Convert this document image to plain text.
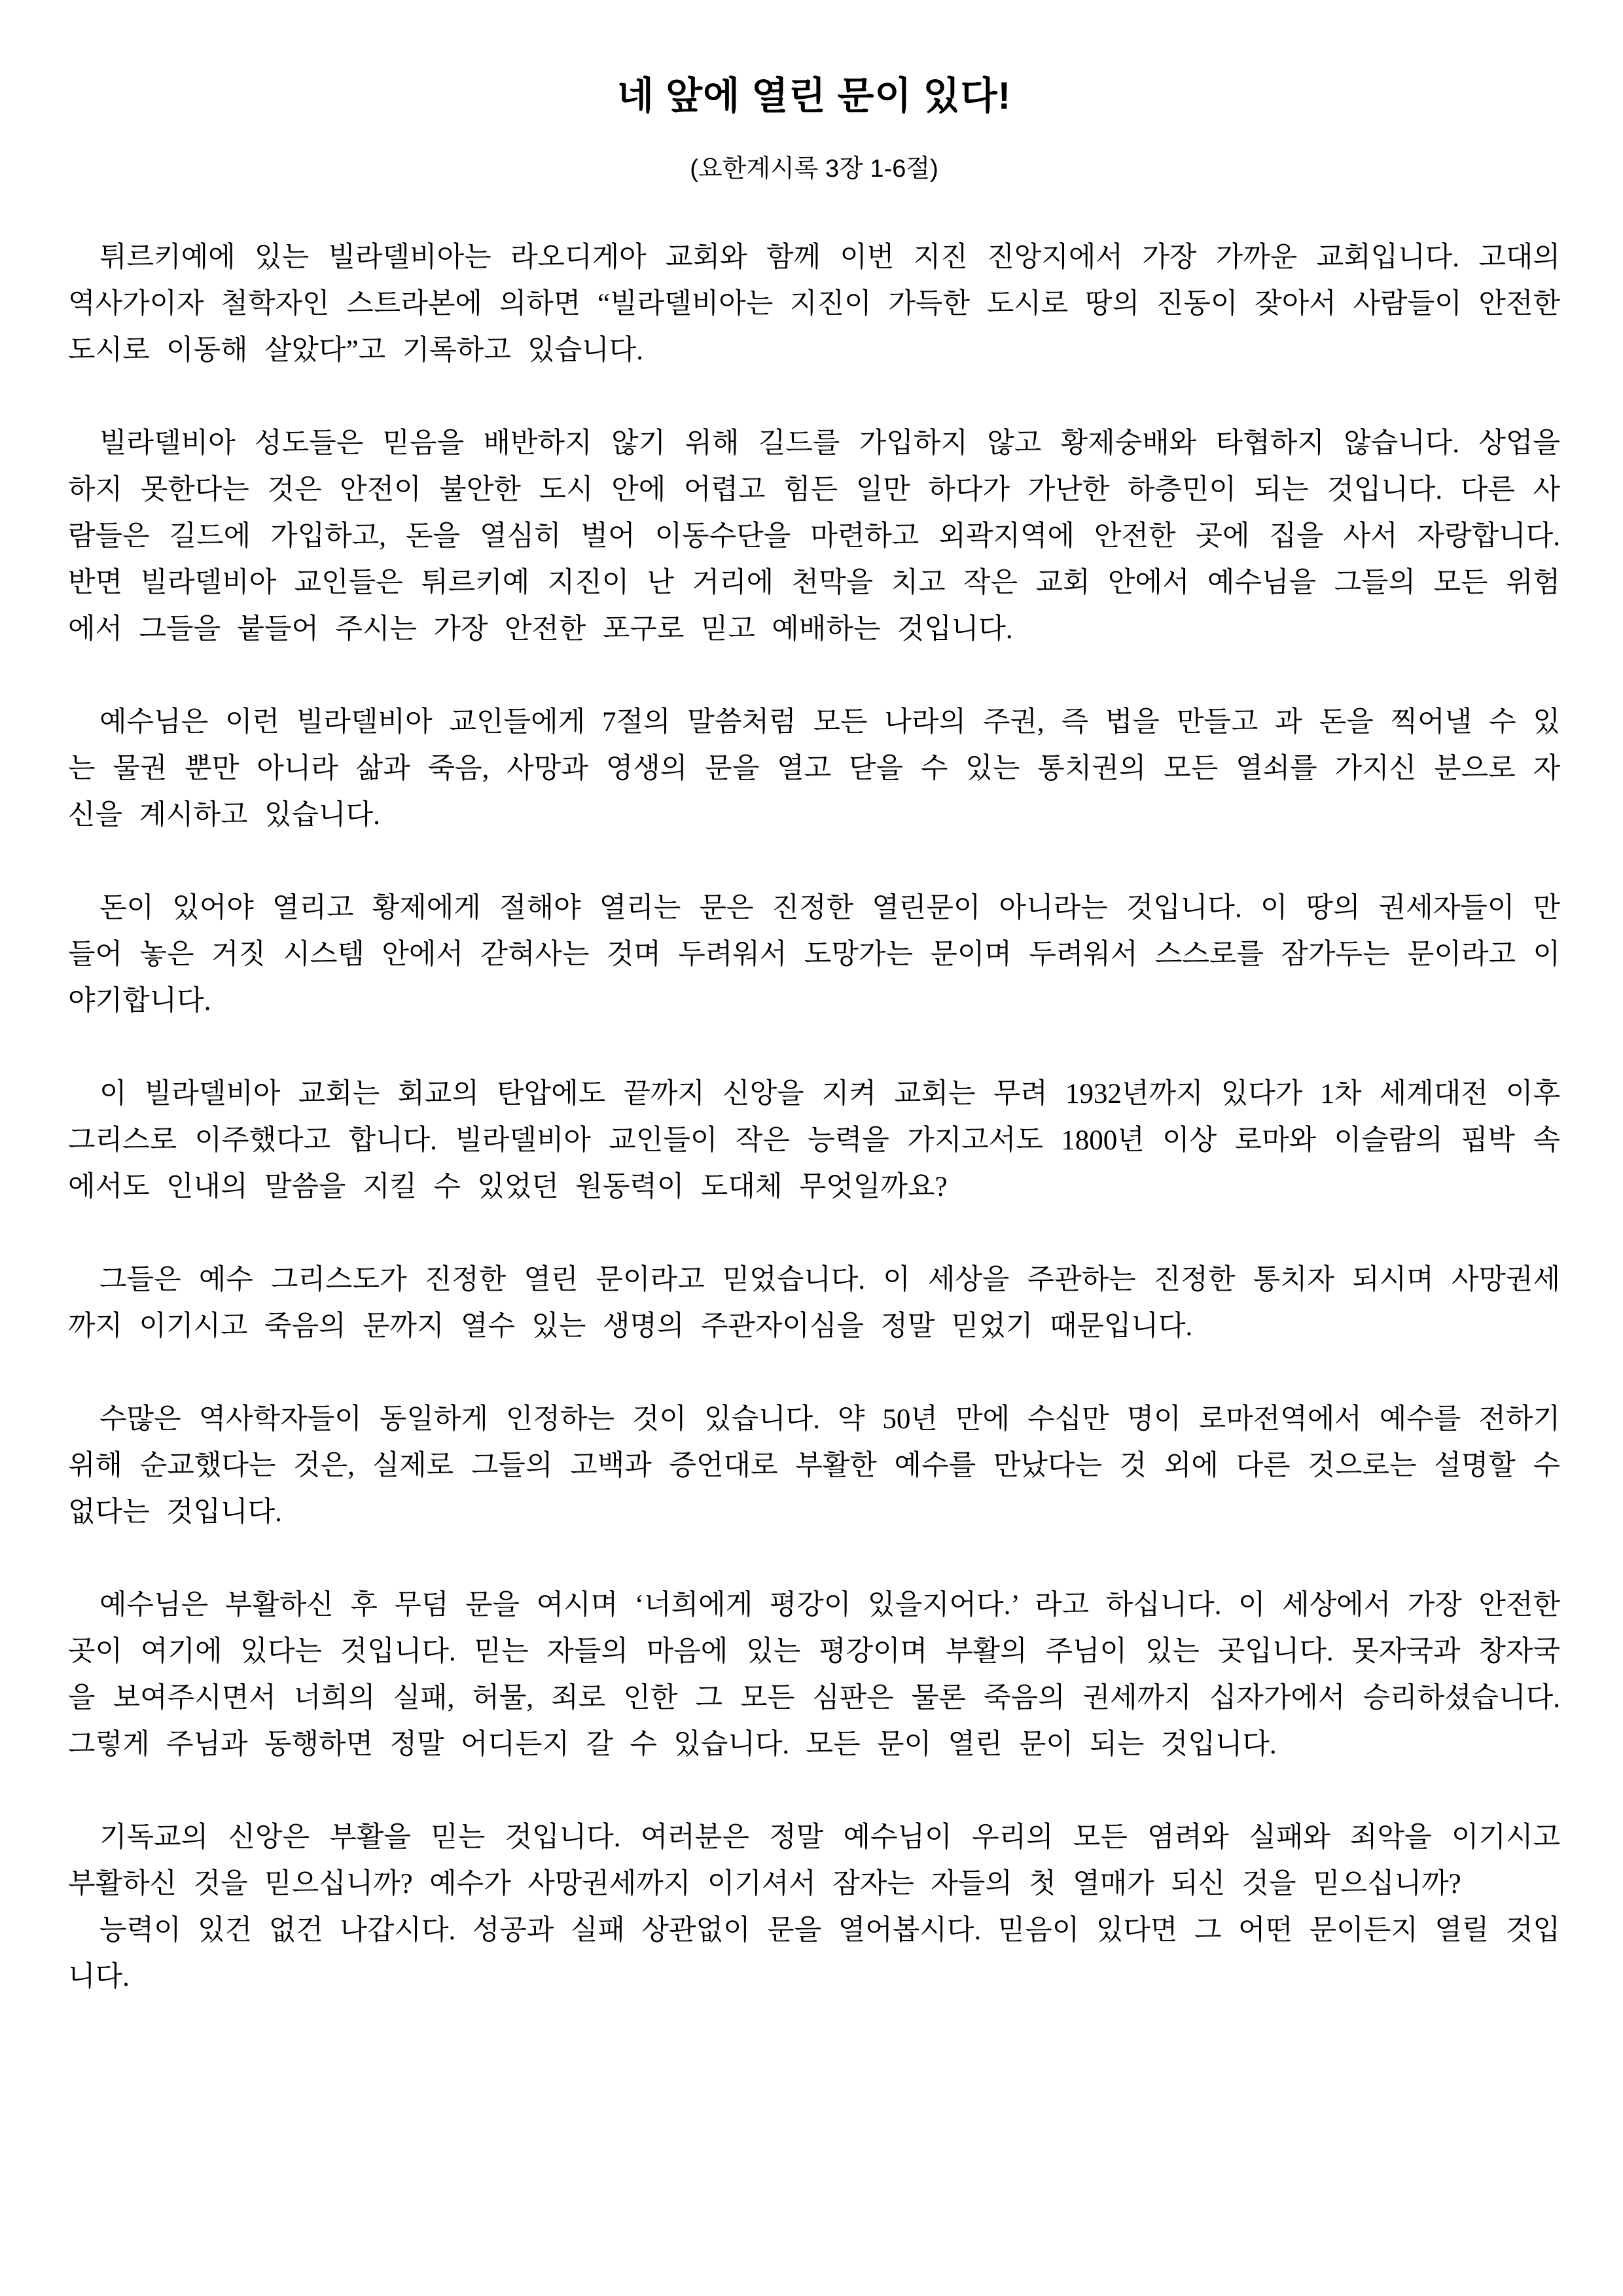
네 앞에 열린 문이 있다!
(요한계시록 3장 1-6절)

튀르키예에 있는 빌라델비아는 라오디게아 교회와 함께 이번 지진 진앙지에서 가장 가까운 교회입니다. 고대의 역사가이자 철학자인 스트라본에 의하면 “빌라델비아는 지진이 가득한 도시로 땅의 진동이 잦아서 사람들이 안전한 도시로 이동해 살았다”고 기록하고 있습니다.

빌라델비아 성도들은 믿음을 배반하지 않기 위해 길드를 가입하지 않고 황제숭배와 타협하지 않습니다. 상업을 하지 못한다는 것은 안전이 불안한 도시 안에 어렵고 힘든 일만 하다가 가난한 하층민이 되는 것입니다. 다른 사람들은 길드에 가입하고, 돈을 열심히 벌어 이동수단을 마련하고 외곽지역에 안전한 곳에 집을 사서 자랑합니다. 반면 빌라델비아 교인들은 튀르키예 지진이 난 거리에 천막을 치고 작은 교회 안에서 예수님을 그들의 모든 위험에서 그들을 붙들어 주시는 가장 안전한 포구로 믿고 예배하는 것입니다.

예수님은 이런 빌라델비아 교인들에게 7절의 말씀처럼 모든 나라의 주권, 즉 법을 만들고 과 돈을 찍어낼 수 있는 물권 뿐만 아니라 삶과 죽음, 사망과 영생의 문을 열고 닫을 수 있는 통치권의 모든 열쇠를 가지신 분으로 자신을 계시하고 있습니다.

돈이 있어야 열리고 황제에게 절해야 열리는 문은 진정한 열린문이 아니라는 것입니다. 이 땅의 권세자들이 만들어 놓은 거짓 시스템 안에서 갇혀사는 것며 두려워서 도망가는 문이며 두려워서 스스로를 잠가두는 문이라고 이야기합니다.

이 빌라델비아 교회는 회교의 탄압에도 끝까지 신앙을 지켜 교회는 무려 1932년까지 있다가 1차 세계대전 이후 그리스로 이주했다고 합니다. 빌라델비아 교인들이 작은 능력을 가지고서도 1800년 이상 로마와 이슬람의 핍박 속에서도 인내의 말씀을 지킬 수 있었던 원동력이 도대체 무엇일까요?

그들은 예수 그리스도가 진정한 열린 문이라고 믿었습니다. 이 세상을 주관하는 진정한 통치자 되시며 사망권세까지 이기시고 죽음의 문까지 열수 있는 생명의 주관자이심을 정말 믿었기 때문입니다.

수많은 역사학자들이 동일하게 인정하는 것이 있습니다. 약 50년 만에 수십만 명이 로마전역에서 예수를 전하기 위해 순교했다는 것은, 실제로 그들의 고백과 증언대로 부활한 예수를 만났다는 것 외에 다른 것으로는 설명할 수 없다는 것입니다.

예수님은 부활하신 후 무덤 문을 여시며 ‘너희에게 평강이 있을지어다.’ 라고 하십니다. 이 세상에서 가장 안전한 곳이 여기에 있다는 것입니다. 믿는 자들의 마음에 있는 평강이며 부활의 주님이 있는 곳입니다. 못자국과 창자국을 보여주시면서 너희의 실패, 허물, 죄로 인한 그 모든 심판은 물론 죽음의 권세까지 십자가에서 승리하셨습니다. 그렇게 주님과 동행하면 정말 어디든지 갈 수 있습니다. 모든 문이 열린 문이 되는 것입니다.

기독교의 신앙은 부활을 믿는 것입니다. 여러분은 정말 예수님이 우리의 모든 염려와 실패와 죄악을 이기시고 부활하신 것을 믿으십니까? 예수가 사망권세까지 이기셔서 잠자는 자들의 첫 열매가 되신 것을 믿으십니까?

능력이 있건 없건 나갑시다. 성공과 실패 상관없이 문을 열어봅시다. 믿음이 있다면 그 어떤 문이든지 열릴 것입니다.
